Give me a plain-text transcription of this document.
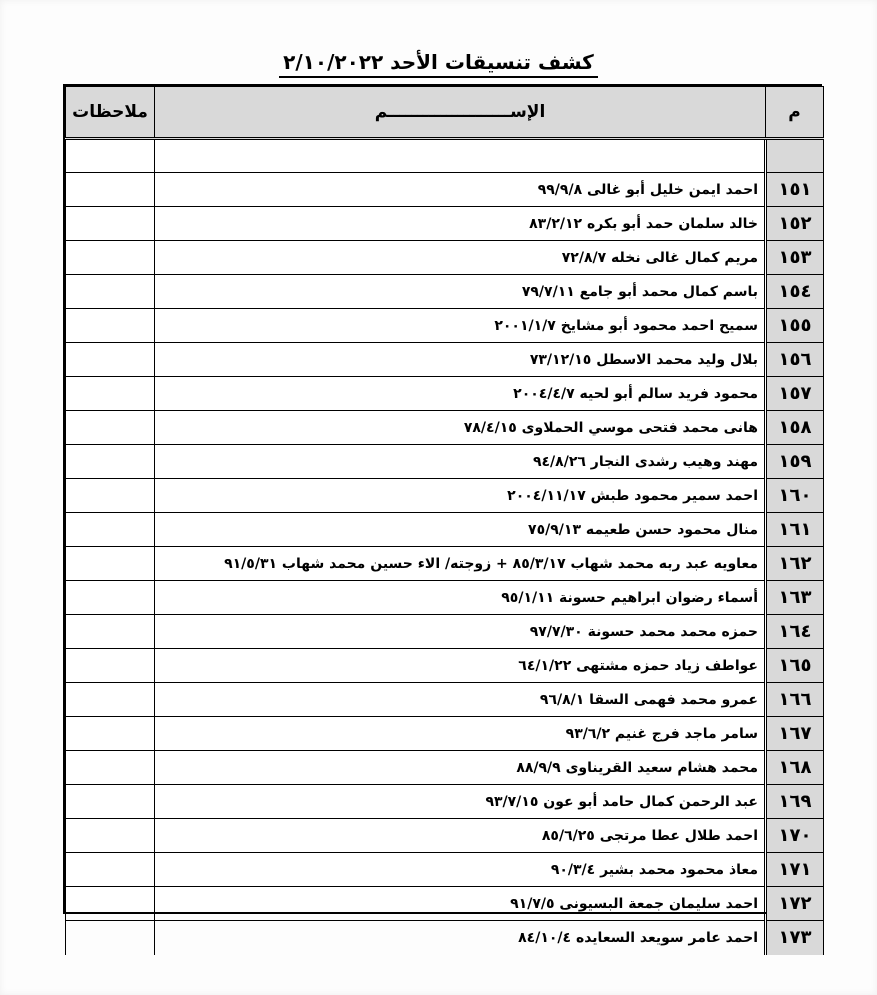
كشف تنسيقات الأحد ٢/١٠/٢٠٢٢
م	الإســـــــــــــــــــــم	ملاحظات

١٥١	احمد ايمن خليل أبو غالى ٩٩/٩/٨	
١٥٢	خالد سلمان حمد أبو بكره ٨٣/٢/١٢	
١٥٣	مريم كمال غالى نخله ٧٢/٨/٧	
١٥٤	باسم كمال محمد أبو جامع ٧٩/٧/١١	
١٥٥	سميح احمد محمود أبو مشايخ ٢٠٠١/١/٧	
١٥٦	بلال وليد محمد الاسطل ٧٣/١٢/١٥	
١٥٧	محمود فريد سالم أبو لحيه ٢٠٠٤/٤/٧	
١٥٨	هانى محمد فتحى موسي الحملاوى ٧٨/٤/١٥	
١٥٩	مهند وهيب رشدى النجار ٩٤/٨/٢٦	
١٦٠	احمد سمير محمود طبش ٢٠٠٤/١١/١٧	
١٦١	منال محمود حسن طعيمه ٧٥/٩/١٣	
١٦٢	معاويه عبد ربه محمد شهاب ٨٥/٣/١٧ + زوجته/ الاء حسين محمد شهاب ٩١/٥/٣١	
١٦٣	أسماء رضوان ابراهيم حسونة ٩٥/١/١١	
١٦٤	حمزه محمد محمد حسونة ٩٧/٧/٣٠	
١٦٥	عواطف زياد حمزه مشتهى ٦٤/١/٢٢	
١٦٦	عمرو محمد فهمى السقا ٩٦/٨/١	
١٦٧	سامر ماجد فرج غنيم ٩٣/٦/٢	
١٦٨	محمد هشام سعيد القريناوى ٨٨/٩/٩	
١٦٩	عبد الرحمن كمال حامد أبو عون ٩٣/٧/١٥	
١٧٠	احمد طلال عطا مرتجى ٨٥/٦/٢٥	
١٧١	معاذ محمود محمد بشير ٩٠/٣/٤	
١٧٢	احمد سليمان جمعة البسيونى ٩١/٧/٥	
١٧٣	احمد عامر سويعد السعايده ٨٤/١٠/٤	
